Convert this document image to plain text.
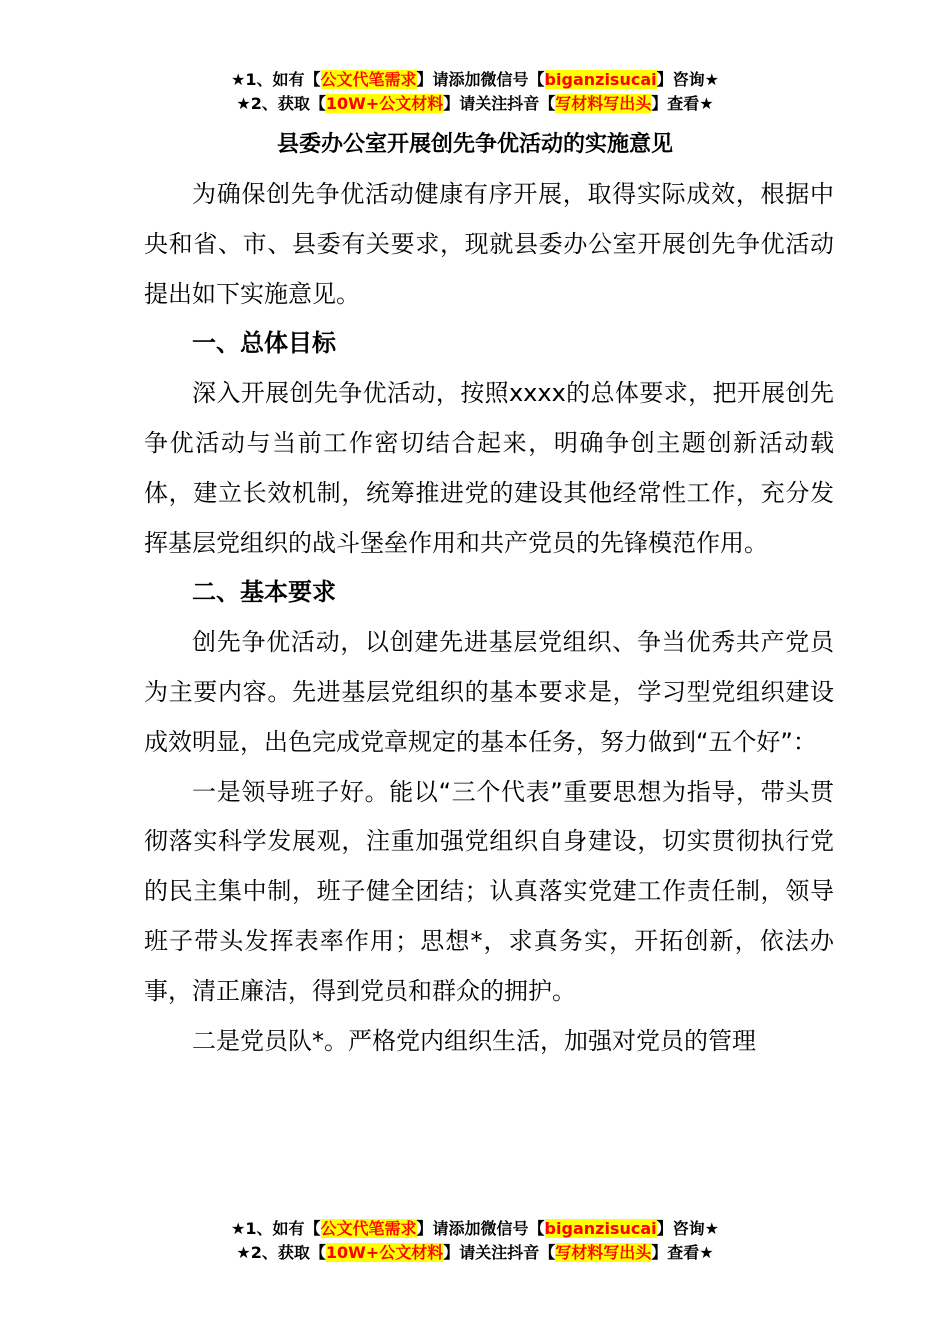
★1、如有【公文代笔需求】请添加微信号【biganzisucai】咨询★
★2、获取【10W+公文材料】请关注抖音【写材料写出头】查看★
县委办公室开展创先争优活动的实施意见

为确保创先争优活动健康有序开展，取得实际成效，根据中央和省、市、县委有关要求，现就县委办公室开展创先争优活动提出如下实施意见。

一、总体目标

深入开展创先争优活动，按照xxxx的总体要求，把开展创先争优活动与当前工作密切结合起来，明确争创主题创新活动载体，建立长效机制，统筹推进党的建设其他经常性工作，充分发挥基层党组织的战斗堡垒作用和共产党员的先锋模范作用。

二、基本要求

创先争优活动，以创建先进基层党组织、争当优秀共产党员为主要内容。先进基层党组织的基本要求是，学习型党组织建设成效明显，出色完成党章规定的基本任务，努力做到“五个好”：

一是领导班子好。能以“三个代表”重要思想为指导，带头贯彻落实科学发展观，注重加强党组织自身建设，切实贯彻执行党的民主集中制，班子健全团结；认真落实党建工作责任制，领导班子带头发挥表率作用；思想*，求真务实，开拓创新，依法办事，清正廉洁，得到党员和群众的拥护。

二是党员队*。严格党内组织生活，加强对党员的管理

★1、如有【公文代笔需求】请添加微信号【biganzisucai】咨询★
★2、获取【10W+公文材料】请关注抖音【写材料写出头】查看★
